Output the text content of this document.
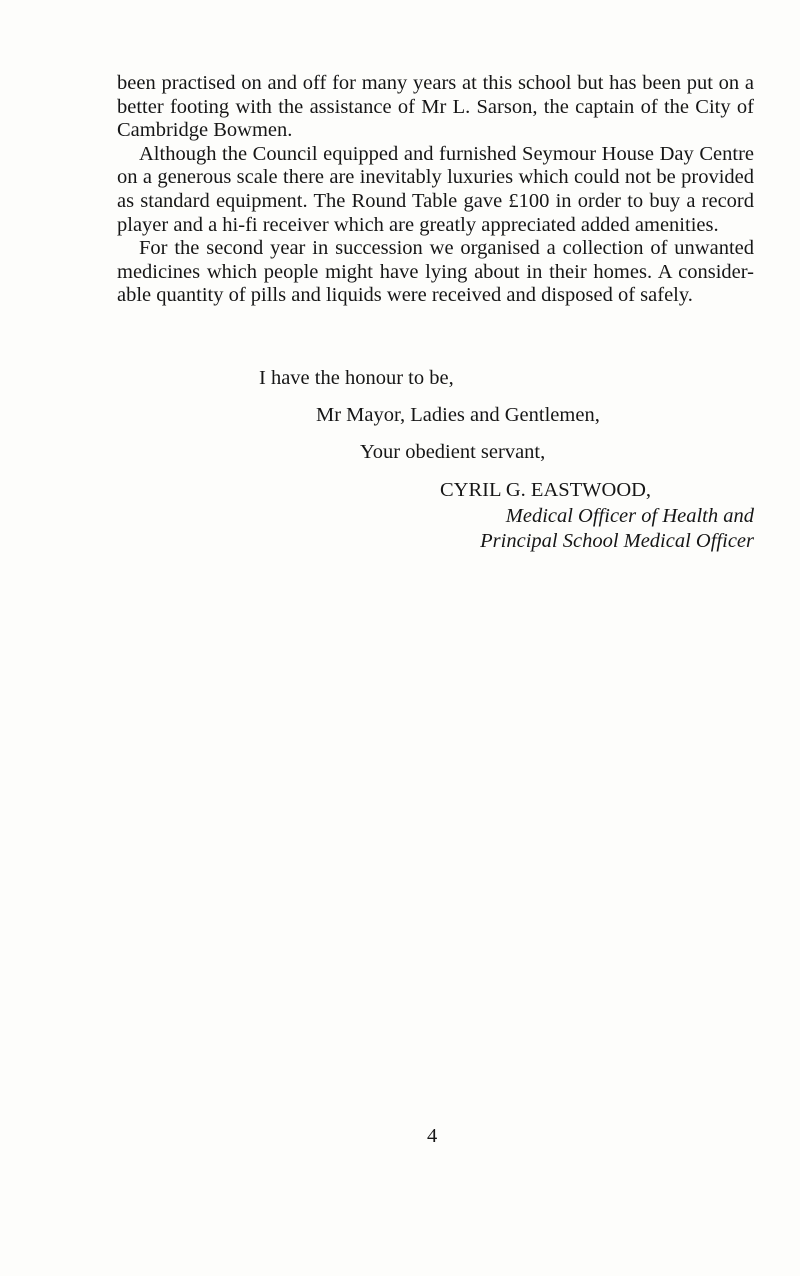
been practised on and off for many years at this school but has been put on a better footing with the assistance of Mr L. Sarson, the captain of the City of Cambridge Bowmen.

Although the Council equipped and furnished Seymour House Day Centre on a generous scale there are inevitably luxuries which could not be provided as standard equipment. The Round Table gave £100 in order to buy a record player and a hi-fi receiver which are greatly appreciated added amenities.

For the second year in succession we organised a collection of unwanted medicines which people might have lying about in their homes. A consider-able quantity of pills and liquids were received and disposed of safely.

I have the honour to be,
Mr Mayor, Ladies and Gentlemen,
Your obedient servant,
CYRIL G. EASTWOOD,
Medical Officer of Health and
Principal School Medical Officer
4
